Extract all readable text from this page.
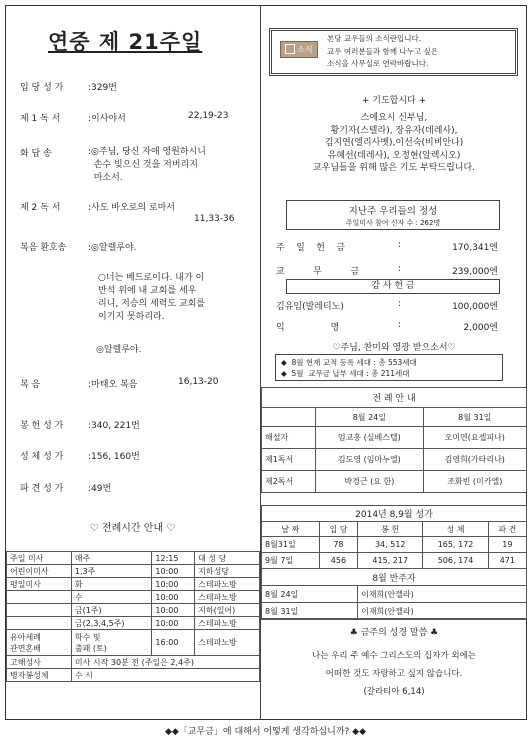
연중 제 21주일
입 당 성 가	:329번
제 1 독 서	:이사야서	22,19-23
화 답 송	:◎주님, 당신 자애 영원하시니
손수 빚으신 것을 저버리지
마소서.
제 2 독 서	:사도 바오로의 로마서
11,33-36
복음 환호송 :◎알렐루야.
○너는 베드로이다. 내가 이
반석 위에 내 교회를 세우
리니, 저승의 세력도 교회를
이기지 못하리라.
◎알렐루야.
복 음	:마태오 복음	16,13-20
봉 헌 성 가	:340, 221번
성 체 성 가	:156, 160번
파 견 성 가	:49번
♡ 전례시간 안내 ♡
주일 미사	매주	12:15	대 성 당
어린이미사	1,3주	10:00	지하성당
평일미사	화	10:00	스테파노방
	수	10:00	스테파노방
	금(1주)	10:00	지하(일어)
	금(2,3,4,5주)	10:00	스테파노방
유아세례
관면혼배	학수 및
출패 (토)	16:00	스테파노방
고해성사	미사 시작 30분 전 (주일은 2,4주)		
병자봉성체	수 시		
소식
본당 교우들의 소식란입니다.
교우 여러분들과 함께 나누고 싶은
소식을 사무실로 연락바랍니다.
+ 기도합시다 +
스에요시 신부님,
황기자(스텔라), 장유자(데레사),
김지연(엘리사벳),이선숙(비비안나)
유혜선(데레사), 오정현(알렉시오)
교우님들을 위해 많은 기도 부탁드립니다.
지난주 우리들의 정성
주일미사 참여 신자 수 : 262명
주    일    헌    금	:	170,341엔
교          무          금	:	239,000엔
감 사 헌 금
김유임(발레티노)	:	100,000엔
익                명	:	2,000엔
♡주님, 찬미와 영광 받으소서♡
◆  8월 현재 교적 등록 세대 : 총 553세대
◆  5월  교무금 납부 세대 : 총 211세대
전 례 안 내		
	8월 24일	8월 31일
해설자	엄교흥 (실베스텔)	오미연(요셉피나)
제1독서	김도영 (임마누엘)	김영희(가타리나)
제2독서	박경근 (요 한)	조화빈 (미카엘)
2014년 8,9월 성가				
날 짜	입 당	봉 헌	성 체	파 견
8월31일	78	34, 512	165, 172	19
9월 7일	456	415, 217	506, 174	471
8월 반주자				
8월 24일		이재희(안젤라)		
8월 31일		이재희(안젤라)		
♣ 금주의 성경 말씀 ♣
나는 우리 주 예수 그리스도의 십자가 외에는
어떠한 것도 자랑하고 싶지 않습니다.
(갈라티아 6,14)
◆◆「교무금」에 대해서 어떻게 생각하십니까? ◆◆
